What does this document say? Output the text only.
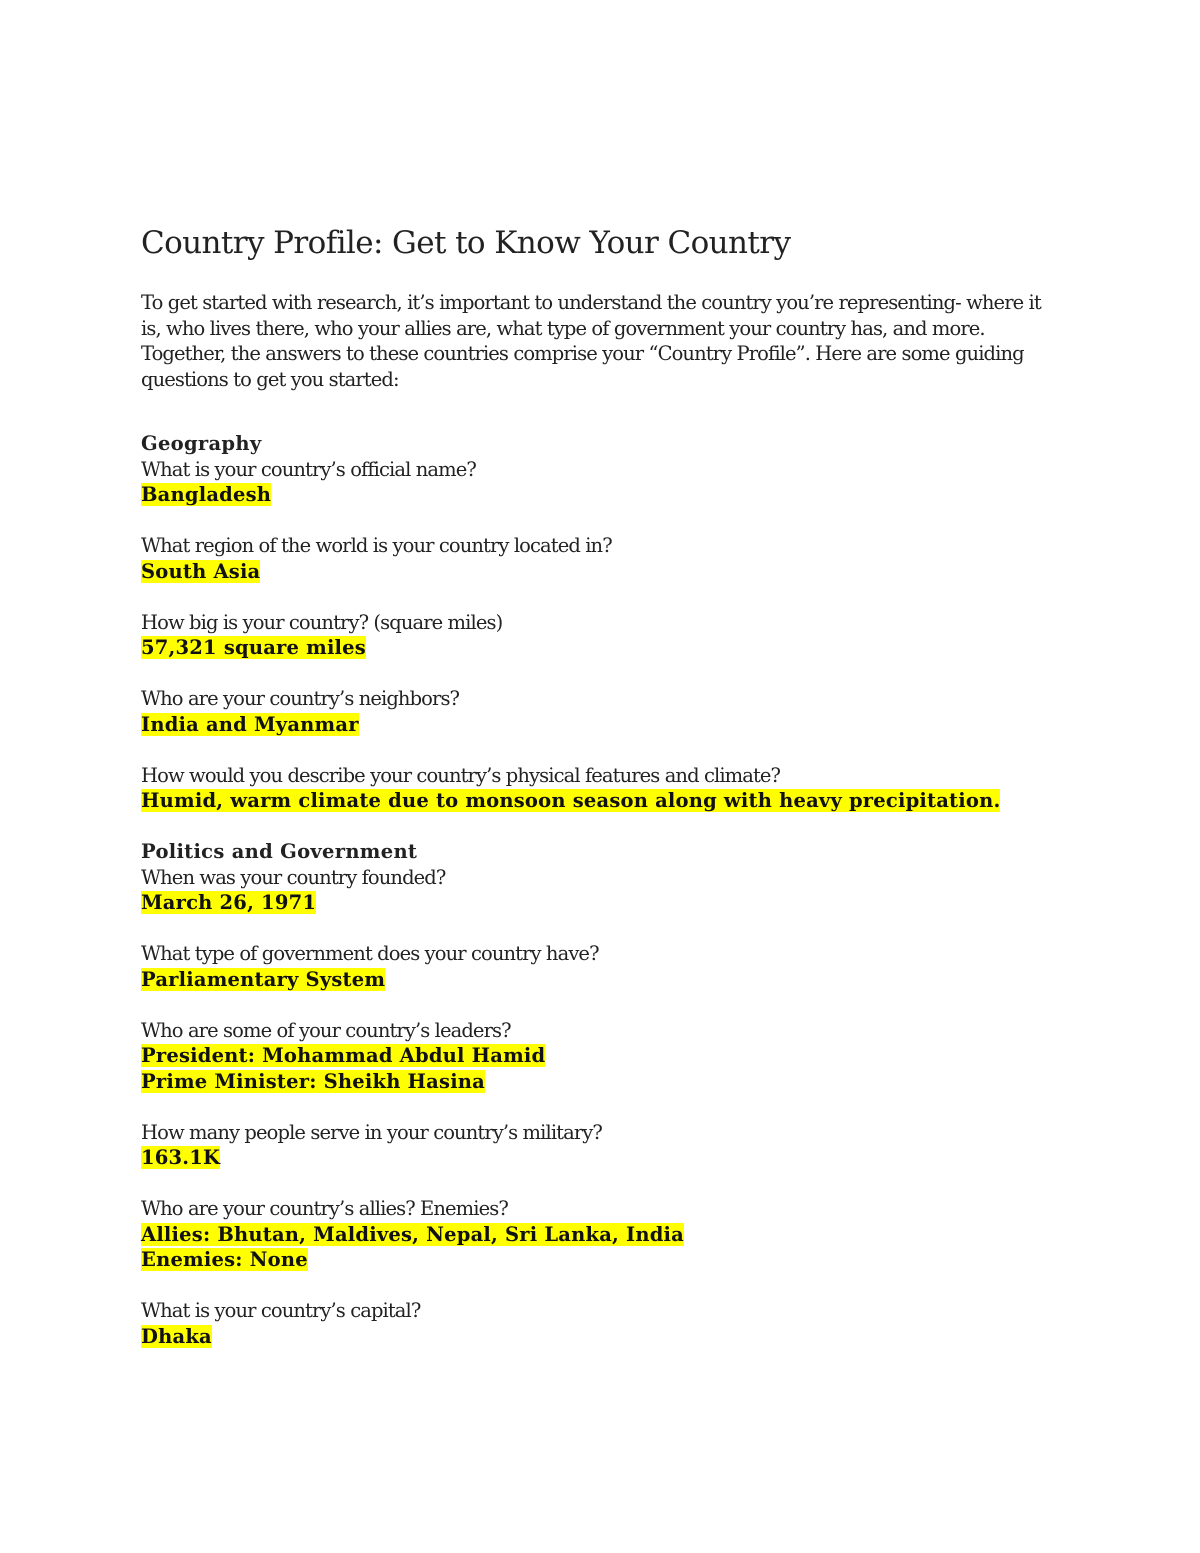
Country Profile: Get to Know Your Country

To get started with research, it’s important to understand the country you’re representing- where it is, who lives there, who your allies are, what type of government your country has, and more. Together, the answers to these countries comprise your “Country Profile”. Here are some guiding questions to get you started:

Geography
What is your country’s official name?
Bangladesh
What region of the world is your country located in?
South Asia
How big is your country? (square miles)
57,321 square miles
Who are your country’s neighbors?
India and Myanmar
How would you describe your country’s physical features and climate?
Humid, warm climate due to monsoon season along with heavy precipitation.
Politics and Government
When was your country founded?
March 26, 1971
What type of government does your country have?
Parliamentary System
Who are some of your country’s leaders?
President: Mohammad Abdul Hamid
Prime Minister: Sheikh Hasina
How many people serve in your country’s military?
163.1K
Who are your country’s allies? Enemies?
Allies: Bhutan, Maldives, Nepal, Sri Lanka, India
Enemies: None
What is your country’s capital?
Dhaka
